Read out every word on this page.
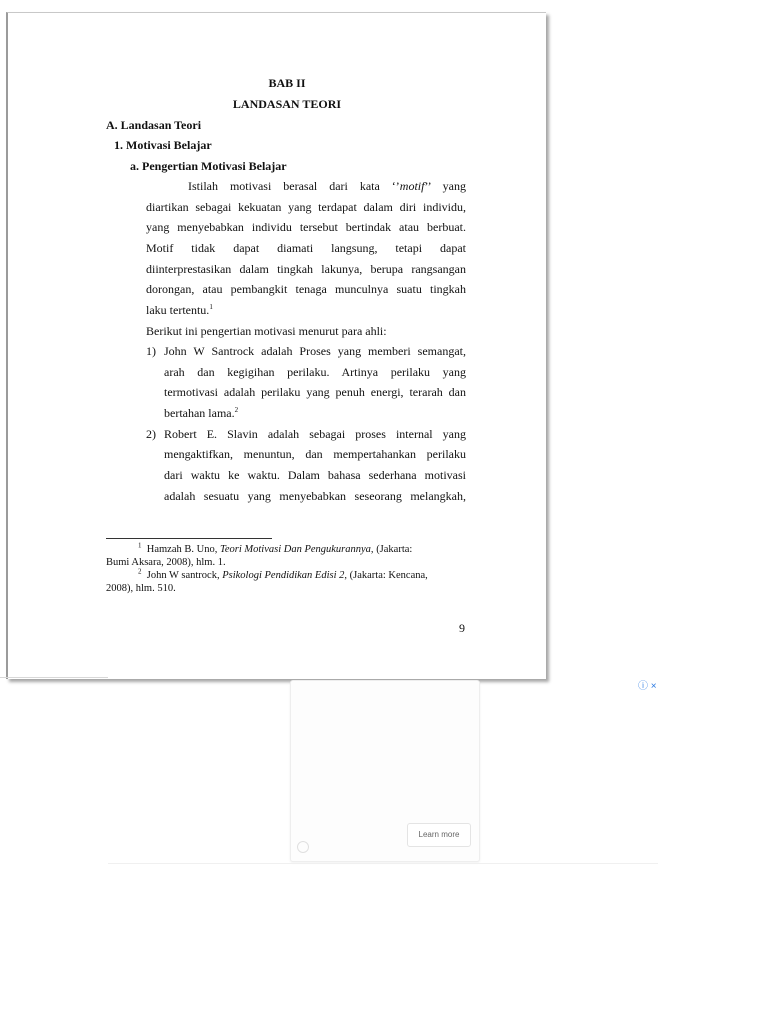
BAB II
LANDASAN TEORI
A. Landasan Teori
1. Motivasi Belajar
a. Pengertian Motivasi Belajar
Istilah motivasi berasal dari kata ‘’motif’’ yang
diartikan sebagai kekuatan yang terdapat dalam diri individu,
yang menyebabkan individu tersebut bertindak atau berbuat.
Motif tidak dapat diamati langsung, tetapi dapat
diinterprestasikan dalam tingkah lakunya, berupa rangsangan
dorongan, atau pembangkit tenaga munculnya suatu tingkah
laku tertentu.$^1$
Berikut ini pengertian motivasi menurut para ahli:
1) John W Santrock adalah Proses yang memberi semangat,
arah dan kegigihan perilaku. Artinya perilaku yang
termotivasi adalah perilaku yang penuh energi, terarah dan
bertahan lama.$^2$
2) Robert E. Slavin adalah sebagai proses internal yang
mengaktifkan, menuntun, dan mempertahankan perilaku
dari waktu ke waktu. Dalam bahasa sederhana motivasi
adalah sesuatu yang menyebabkan seseorang melangkah,
$^1$ Hamzah B. Uno, Teori Motivasi Dan Pengukurannya, (Jakarta:
Bumi Aksara, 2008), hlm. 1.
$^2$ John W santrock, Psikologi Pendidikan Edisi 2, (Jakarta: Kencana,
2008), hlm. 510.
9
ⓘ ×
Learn more
